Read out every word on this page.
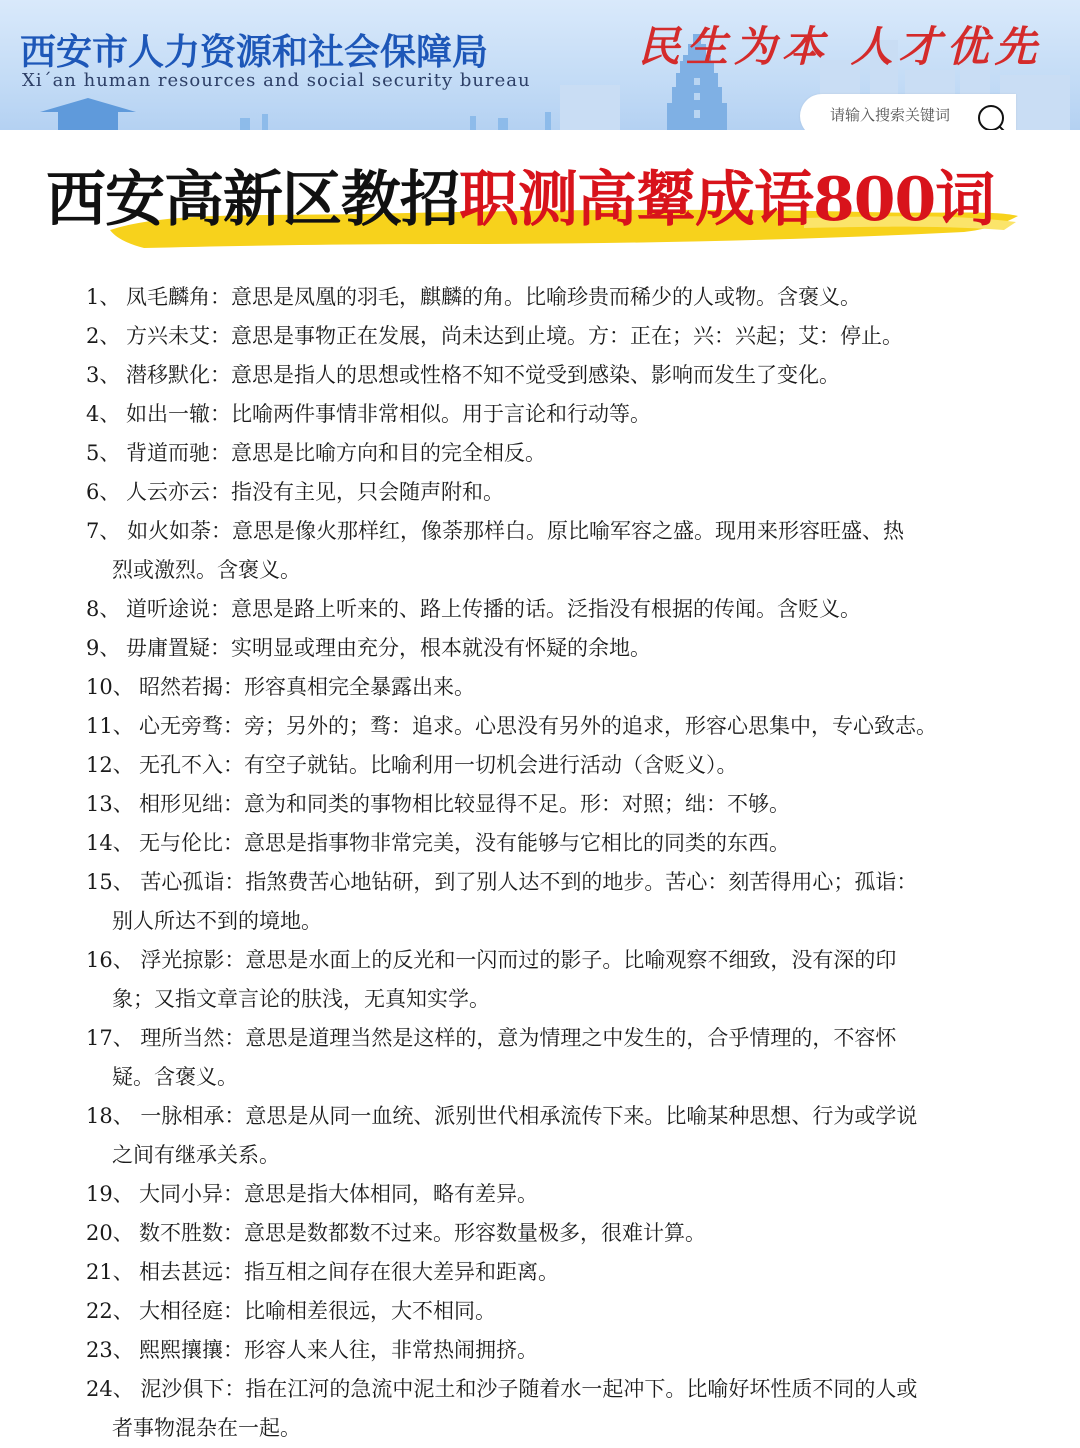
西安市人力资源和社会保障局
Xi´an human resources and social security bureau
民生为本 人才优先
请输入搜索关键词
西安高新区教招职测高颦成语800词
1、 凤毛麟角：意思是凤凰的羽毛，麒麟的角。比喻珍贵而稀少的人或物。含褒义。
2、 方兴未艾：意思是事物正在发展，尚未达到止境。方：正在；兴：兴起；艾：停止。
3、 潜移默化：意思是指人的思想或性格不知不觉受到感染、影响而发生了变化。
4、 如出一辙：比喻两件事情非常相似。用于言论和行动等。
5、 背道而驰：意思是比喻方向和目的完全相反。
6、 人云亦云：指没有主见，只会随声附和。
7、 如火如荼：意思是像火那样红，像荼那样白。原比喻军容之盛。现用来形容旺盛、热
烈或激烈。含褒义。
8、 道听途说：意思是路上听来的、路上传播的话。泛指没有根据的传闻。含贬义。
9、 毋庸置疑：实明显或理由充分，根本就没有怀疑的余地。
10、 昭然若揭：形容真相完全暴露出来。
11、 心无旁骛：旁；另外的；骛：追求。心思没有另外的追求，形容心思集中，专心致志。
12、 无孔不入：有空子就钻。比喻利用一切机会进行活动（含贬义）。
13、 相形见绌：意为和同类的事物相比较显得不足。形：对照；绌：不够。
14、 无与伦比：意思是指事物非常完美，没有能够与它相比的同类的东西。
15、 苦心孤诣：指煞费苦心地钻研，到了别人达不到的地步。苦心：刻苦得用心；孤诣：
别人所达不到的境地。
16、 浮光掠影：意思是水面上的反光和一闪而过的影子。比喻观察不细致，没有深的印
象；又指文章言论的肤浅，无真知实学。
17、 理所当然：意思是道理当然是这样的，意为情理之中发生的，合乎情理的，不容怀
疑。含褒义。
18、 一脉相承：意思是从同一血统、派别世代相承流传下来。比喻某种思想、行为或学说
之间有继承关系。
19、 大同小异：意思是指大体相同，略有差异。
20、 数不胜数：意思是数都数不过来。形容数量极多，很难计算。
21、 相去甚远：指互相之间存在很大差异和距离。
22、 大相径庭：比喻相差很远，大不相同。
23、 熙熙攘攘：形容人来人往，非常热闹拥挤。
24、 泥沙俱下：指在江河的急流中泥土和沙子随着水一起冲下。比喻好坏性质不同的人或
者事物混杂在一起。
